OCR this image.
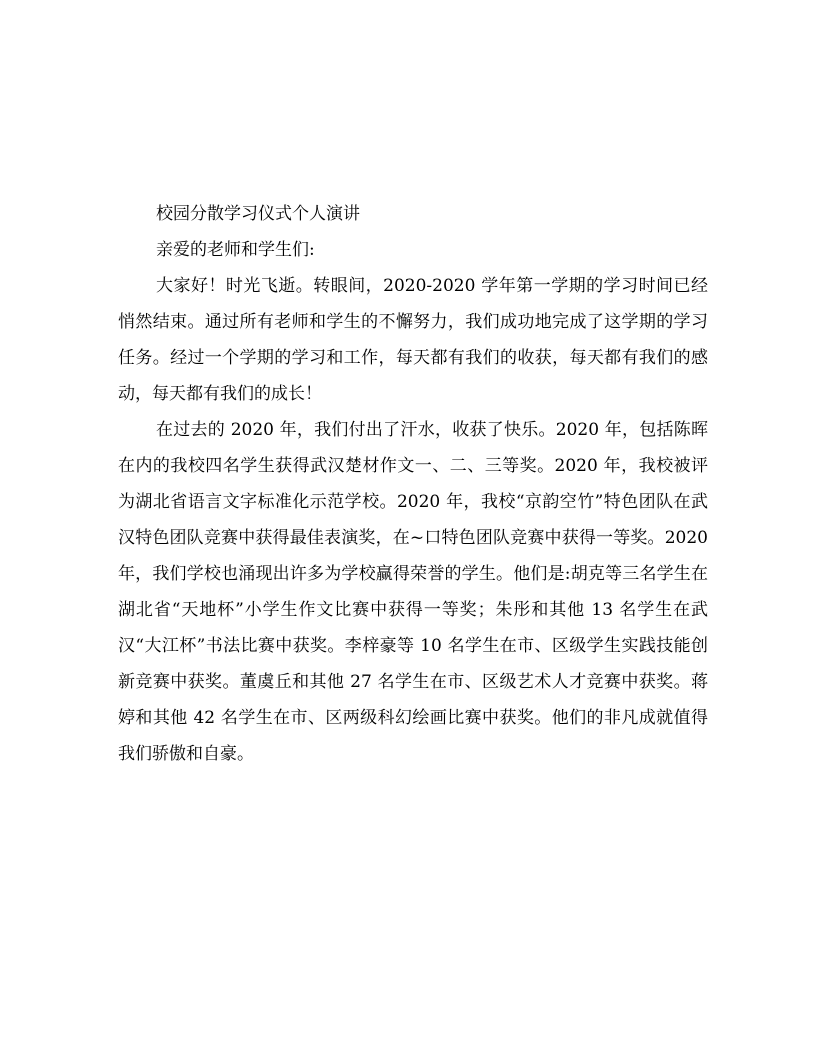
校园分散学习仪式个人演讲

亲爱的老师和学生们:

大家好！时光飞逝。转眼间，2020-2020 学年第一学期的学习时间已经悄然结束。通过所有老师和学生的不懈努力，我们成功地完成了这学期的学习任务。经过一个学期的学习和工作，每天都有我们的收获，每天都有我们的感动，每天都有我们的成长！

在过去的 2020 年，我们付出了汗水，收获了快乐。2020 年，包括陈晖在内的我校四名学生获得武汉楚材作文一、二、三等奖。2020 年，我校被评为湖北省语言文字标准化示范学校。2020 年，我校“京韵空竹”特色团队在武汉特色团队竞赛中获得最佳表演奖，在~口特色团队竞赛中获得一等奖。2020 年，我们学校也涌现出许多为学校赢得荣誉的学生。他们是:胡克等三名学生在湖北省“天地杯”小学生作文比赛中获得一等奖；朱彤和其他 13 名学生在武汉“大江杯”书法比赛中获奖。李梓豪等 10 名学生在市、区级学生实践技能创新竞赛中获奖。董虞丘和其他 27 名学生在市、区级艺术人才竞赛中获奖。蒋婷和其他 42 名学生在市、区两级科幻绘画比赛中获奖。他们的非凡成就值得我们骄傲和自豪。
